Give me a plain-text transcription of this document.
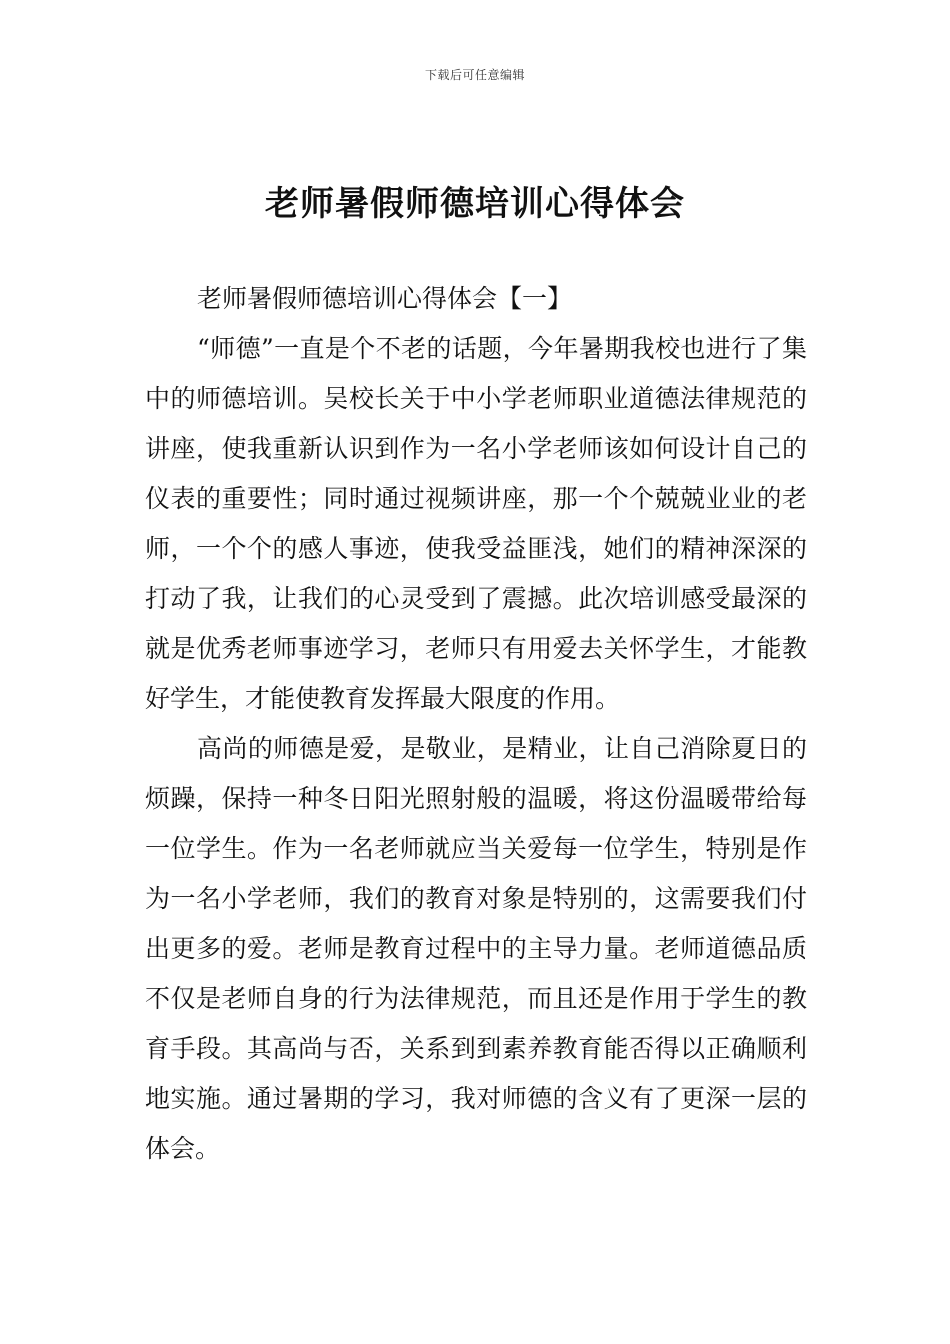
下载后可任意编辑
老师暑假师德培训心得体会

老师暑假师德培训心得体会【一】

“师德”一直是个不老的话题，今年暑期我校也进行了集中的师德培训。吴校长关于中小学老师职业道德法律规范的讲座，使我重新认识到作为一名小学老师该如何设计自己的仪表的重要性；同时通过视频讲座，那一个个兢兢业业的老师，一个个的感人事迹，使我受益匪浅，她们的精神深深的打动了我，让我们的心灵受到了震撼。此次培训感受最深的就是优秀老师事迹学习，老师只有用爱去关怀学生，才能教好学生，才能使教育发挥最大限度的作用。

高尚的师德是爱，是敬业，是精业，让自己消除夏日的烦躁，保持一种冬日阳光照射般的温暖，将这份温暖带给每一位学生。作为一名老师就应当关爱每一位学生，特别是作为一名小学老师，我们的教育对象是特别的，这需要我们付出更多的爱。老师是教育过程中的主导力量。老师道德品质不仅是老师自身的行为法律规范，而且还是作用于学生的教育手段。其高尚与否，关系到到素养教育能否得以正确顺利地实施。通过暑期的学习，我对师德的含义有了更深一层的体会。
